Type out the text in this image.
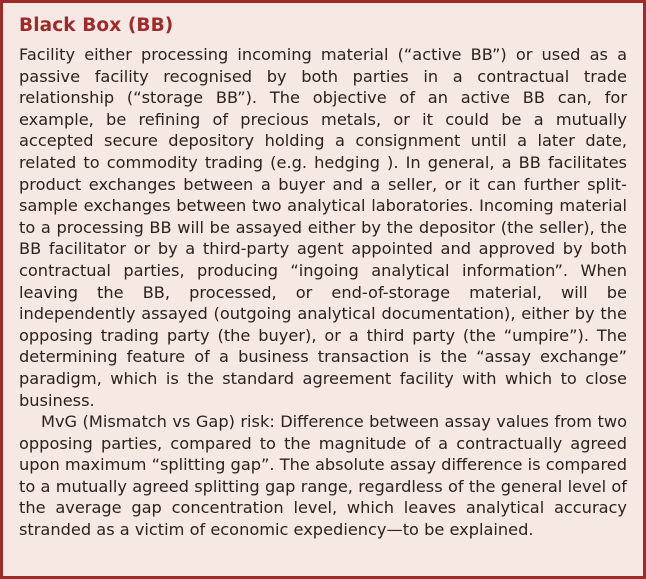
Black Box (BB)

Facility either processing incoming material (“active BB”) or used as a passive facility recognised by both parties in a contractual trade relationship (“storage BB”). The objective of an active BB can, for example, be refining of precious metals, or it could be a mutually accepted secure depository holding a consignment until a later date, related to commodity trading (e.g. hedging ). In general, a BB facilitates product exchanges between a buyer and a seller, or it can further split-sample exchanges between two analytical laboratories. Incoming material to a processing BB will be assayed either by the depositor (the seller), the BB facilitator or by a third-party agent appointed and approved by both contractual parties, producing “ingoing analytical information”. When leaving the BB, processed, or end-of-storage material, will be independently assayed (outgoing analytical documentation), either by the opposing trading party (the buyer), or a third party (the “umpire”). The determining feature of a business transaction is the “assay exchange” paradigm, which is the standard agreement facility with which to close business.

MvG (Mismatch vs Gap) risk: Difference between assay values from two opposing parties, compared to the magnitude of a contractually agreed upon maximum “splitting gap”. The absolute assay difference is compared to a mutually agreed splitting gap range, regardless of the general level of the average gap concentration level, which leaves analytical accuracy stranded as a victim of economic expediency—to be explained.
